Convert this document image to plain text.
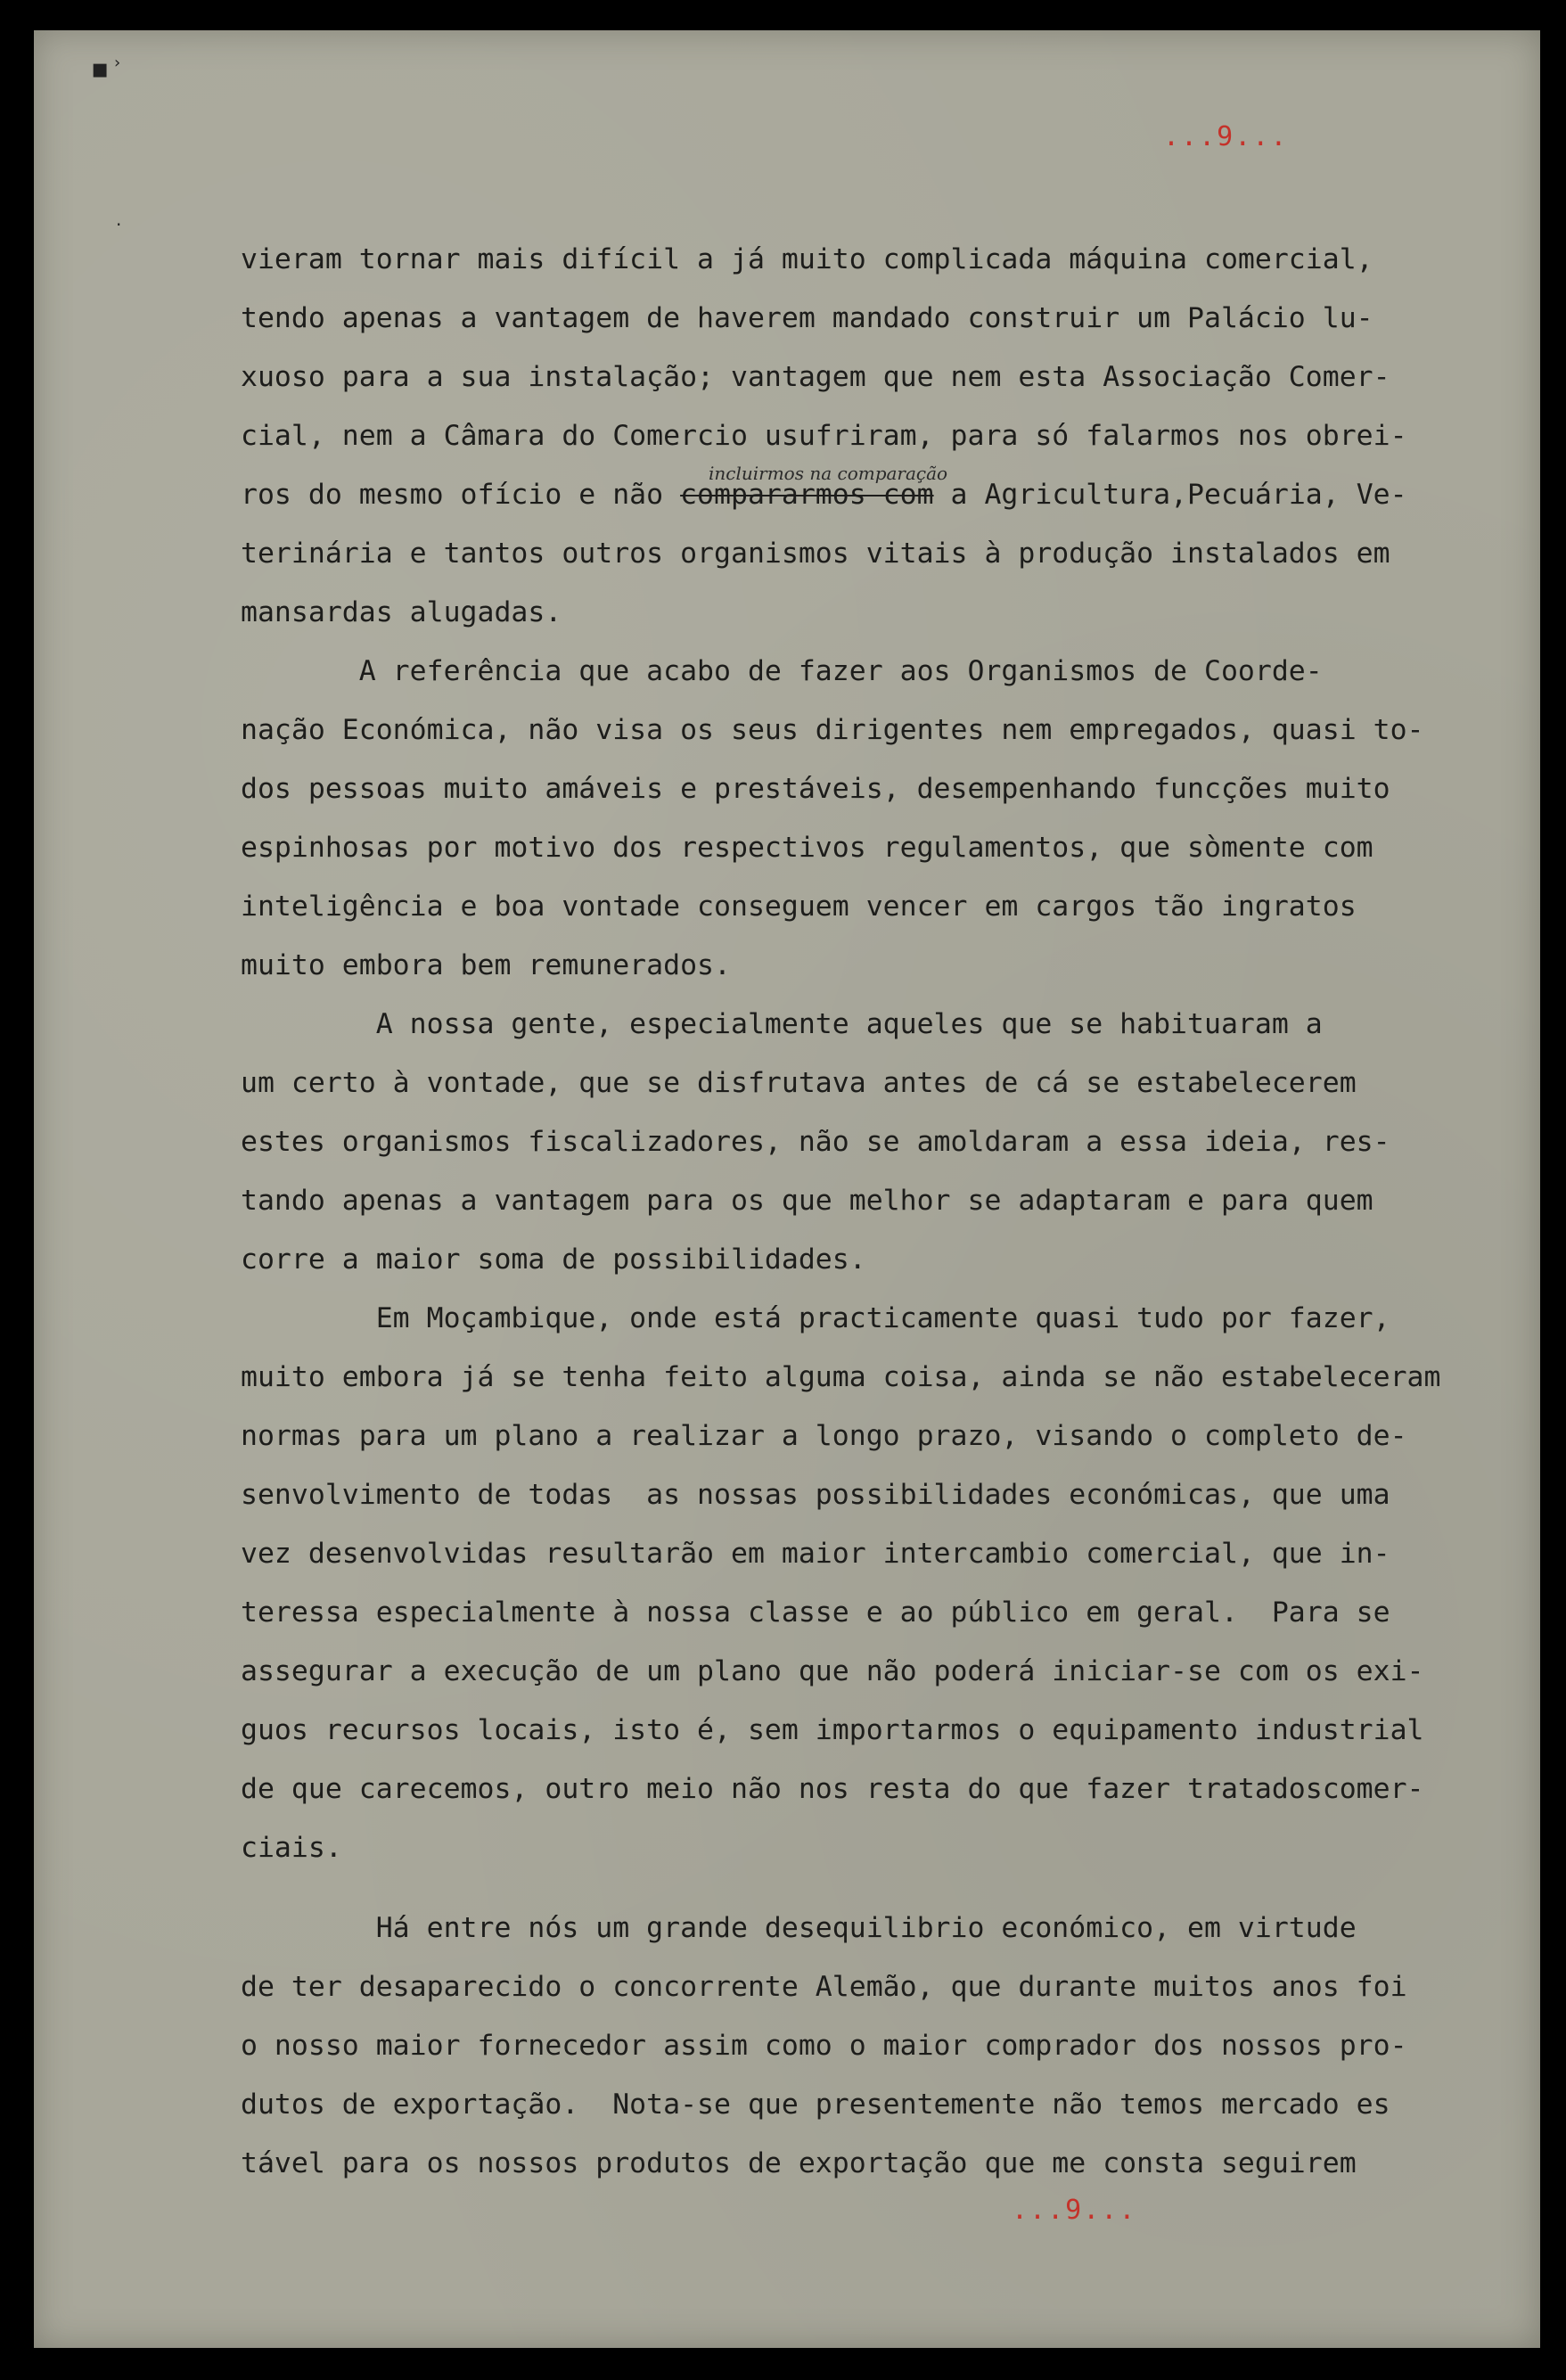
▪ ›
·
...9...
vieram tornar mais difícil a já muito complicada máquina comercial,
tendo apenas a vantagem de haverem mandado construir um Palácio lu-
xuoso para a sua instalação; vantagem que nem esta Associação Comer-
cial, nem a Câmara do Comercio usufriram, para só falarmos nos obrei-
ros do mesmo ofício e não compararmos com a Agricultura,Pecuária, Ve-
incluirmos na comparação
terinária e tantos outros organismos vitais à produção instalados em
mansardas alugadas.
A referência que acabo de fazer aos Organismos de Coorde-
nação Económica, não visa os seus dirigentes nem empregados, quasi to-
dos pessoas muito amáveis e prestáveis, desempenhando funcções muito
espinhosas por motivo dos respectivos regulamentos, que sòmente com
inteligência e boa vontade conseguem vencer em cargos tão ingratos
muito embora bem remunerados.
A nossa gente, especialmente aqueles que se habituaram a
um certo à vontade, que se disfrutava antes de cá se estabelecerem
estes organismos fiscalizadores, não se amoldaram a essa ideia, res-
tando apenas a vantagem para os que melhor se adaptaram e para quem
corre a maior soma de possibilidades.
Em Moçambique, onde está practicamente quasi tudo por fazer,
muito embora já se tenha feito alguma coisa, ainda se não estabeleceram
normas para um plano a realizar a longo prazo, visando o completo de-
senvolvimento de todas  as nossas possibilidades económicas, que uma
vez desenvolvidas resultarão em maior intercambio comercial, que in-
teressa especialmente à nossa classe e ao público em geral.  Para se
assegurar a execução de um plano que não poderá iniciar-se com os exi-
guos recursos locais, isto é, sem importarmos o equipamento industrial
de que carecemos, outro meio não nos resta do que fazer tratadoscomer-
ciais.
Há entre nós um grande desequilibrio económico, em virtude
de ter desaparecido o concorrente Alemão, que durante muitos anos foi
o nosso maior fornecedor assim como o maior comprador dos nossos pro-
dutos de exportação.  Nota-se que presentemente não temos mercado es
tável para os nossos produtos de exportação que me consta seguirem
...9...
